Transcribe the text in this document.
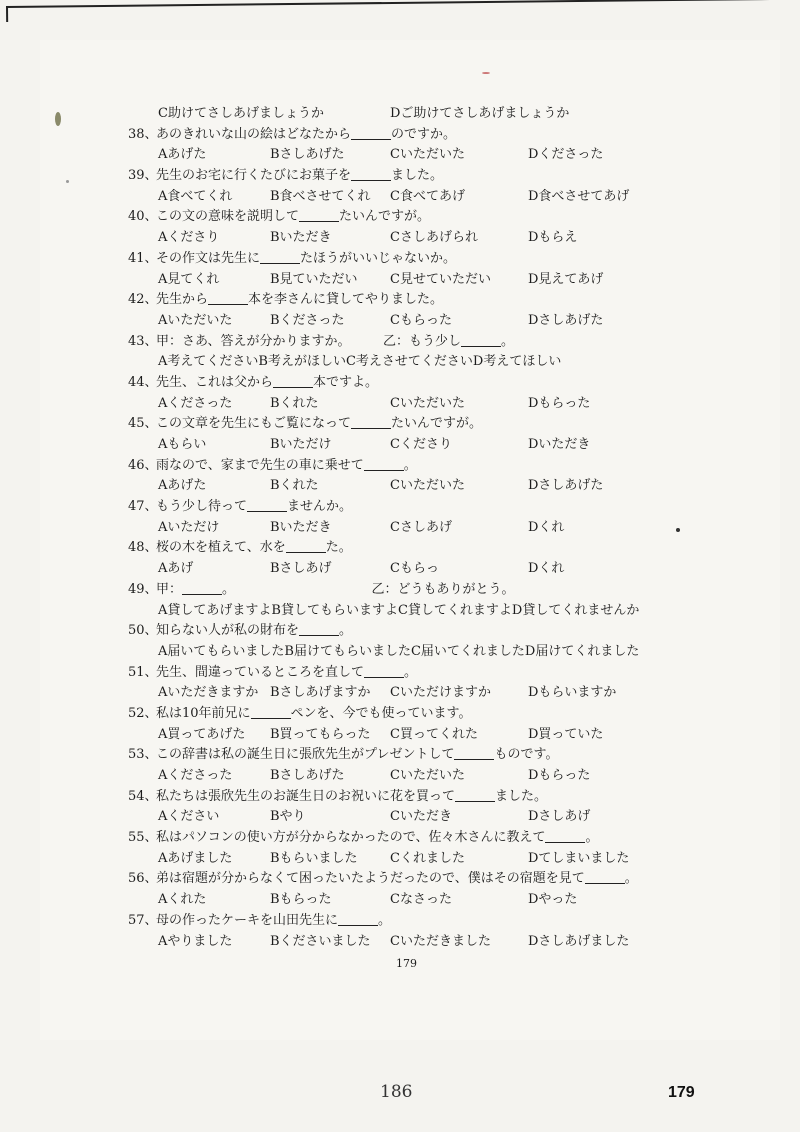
C助けてさしあげましょうか	Dご助けてさしあげましょうか
38、あのきれいな山の絵はどなたから	のですか。
Aあげた	Bさしあげた	Cいただいた	Dくださった
39、先生のお宅に行くたびにお菓子を	ました。
A食べてくれ	B食べさせてくれ C食べてあげ	D食べさせてあげ
40、この文の意味を説明して	たいんですが。
Aくださり	Bいただき	Cさしあげられ	Dもらえ
41、その作文は先生に	たほうがいいじゃないか。
A見てくれ	B見ていただい C見せていただい	D見えてあげ
42、先生から	本を李さんに貸してやりました。
Aいただいた	Bくださった	Cもらった	Dさしあげた
43、甲：さあ、答えが分かりますか。　　　乙：もう少し	。
A考えてくださいB考えがほしいC考えさせてくださいD考えてほしい
44、先生、これは父から	本ですよ。
Aくださった	Bくれた	Cいただいた	Dもらった
45、この文章を先生にもご覧になって	たいんですが。
Aもらい	Bいただけ	Cくださり	Dいただき
46、雨なので、家まで先生の車に乗せて	。
Aあげた	Bくれた	Cいただいた	Dさしあげた
47、もう少し待って	ませんか。
Aいただけ	Bいただき	Cさしあげ	Dくれ
48、桜の木を植えて、水を	た。
Aあげ	Bさしあげ	Cもらっ	Dくれ
49、甲：	。　　　　　　　　　　　乙：どうもありがとう。
A貸してあげますよB貸してもらいますよC貸してくれますよD貸してくれませんか
50、知らない人が私の財布を	。
A届いてもらいましたB届けてもらいましたC届いてくれましたD届けてくれました
51、先生、間違っているところを直して	。
Aいただきますか Bさしあげますか Cいただけますか	Dもらいますか
52、私は10年前兄に	ペンを、今でも使っています。
A買ってあげた B買ってもらった C買ってくれた	D買っていた
53、この辞書は私の誕生日に張欣先生がプレゼントして	ものです。
Aくださった	Bさしあげた	Cいただいた	Dもらった
54、私たちは張欣先生のお誕生日のお祝いに花を買って	ました。
Aください	Bやり	Cいただき	Dさしあげ
55、私はパソコンの使い方が分からなかったので、佐々木さんに教えて	。
Aあげました	Bもらいました Cくれました	Dてしまいました
56、弟は宿題が分からなくて困ったいたようだったので、僕はその宿題を見て	。
Aくれた	Bもらった	Cなさった	Dやった
57、母の作ったケーキを山田先生に	。
Aやりました	Bくださいました Cいただきました	Dさしあげました
179
186	179
